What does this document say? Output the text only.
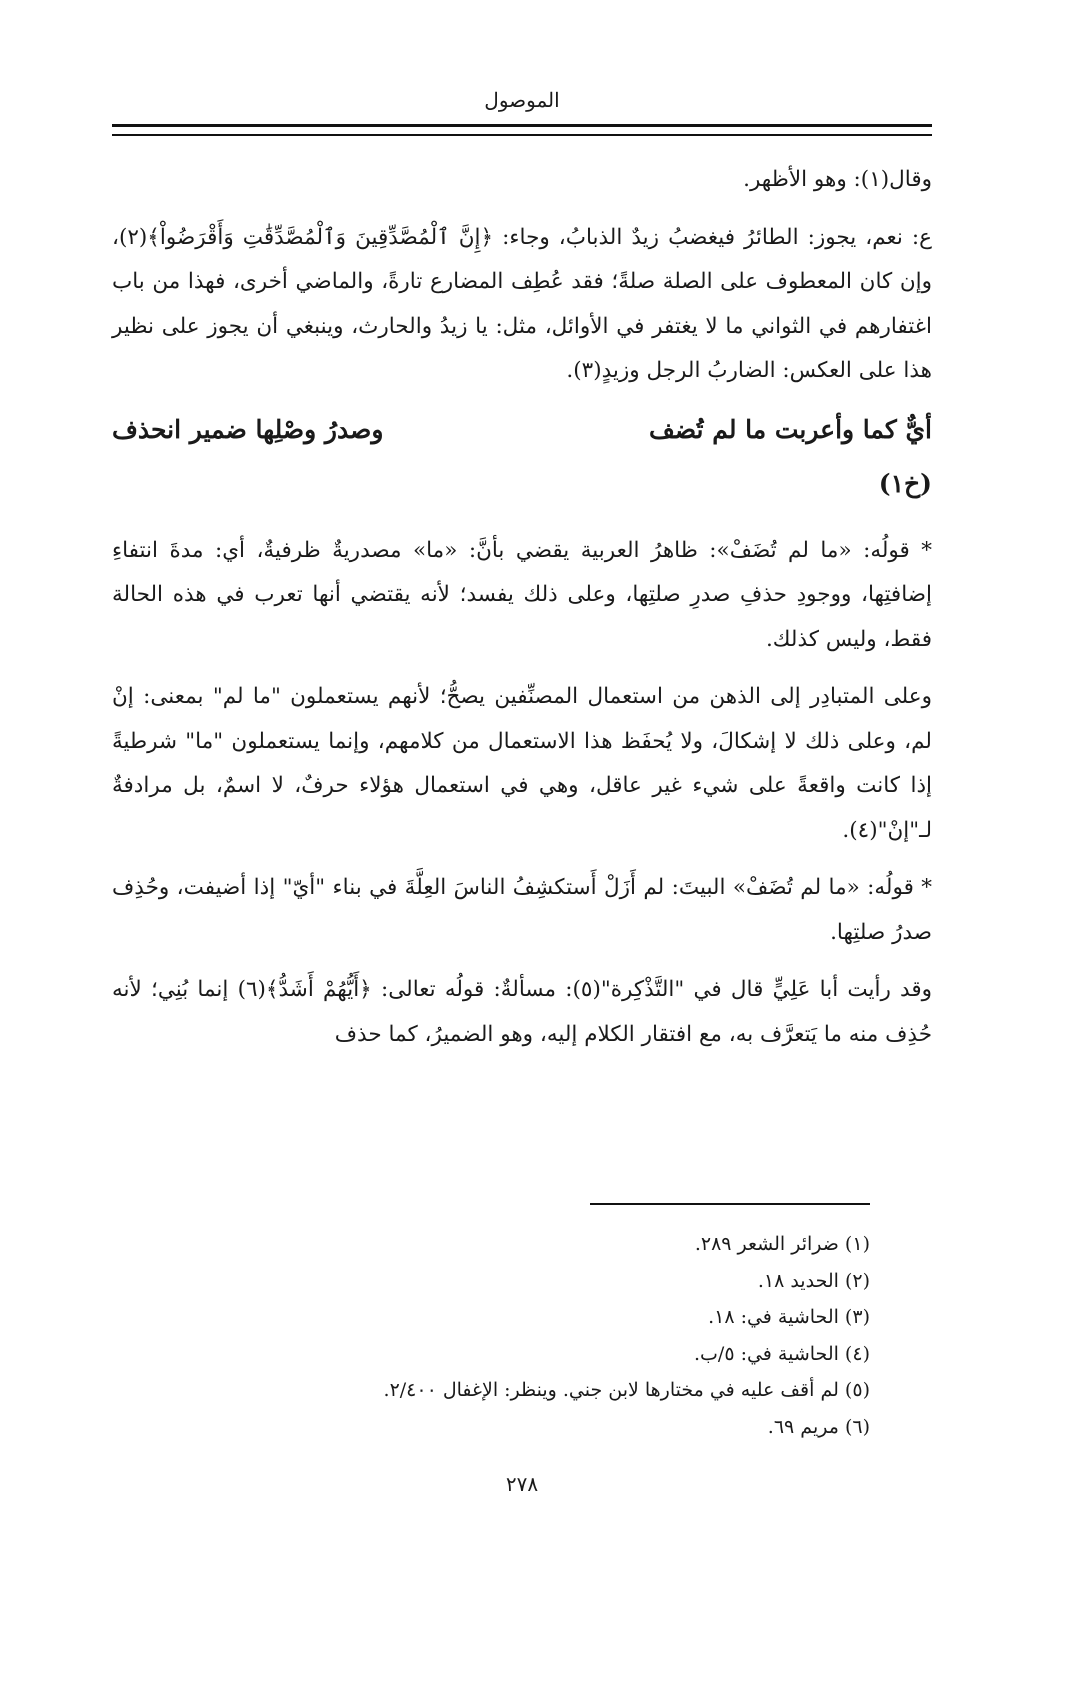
الموصول

وقال(١): وهو الأظهر.

ع: نعم، يجوز: الطائرُ فيغضبُ زيدٌ الذبابُ، وجاء: ﴿إِنَّ ٱلْمُصَّدِّقِينَ وَٱلْمُصَّدِّقَٰتِ وَأَقْرَضُواْ﴾(٢)، وإن كان المعطوف على الصلة صلةً؛ فقد عُطِف المضارع تارةً، والماضي أخرى، فهذا من باب اغتفارهم في الثواني ما لا يغتفر في الأوائل، مثل: يا زيدُ والحارث، وينبغي أن يجوز على نظير هذا على العكس: الضاربُ الرجل وزيدٍ(٣).

أيٌّ كما وأعربت ما لم تُضف
وصدرُ وصْلِها ضمير انحذف
(خ١)

* قولُه: «ما لم تُضَفْ»: ظاهرُ العربية يقضي بأنَّ: «ما» مصدريةٌ ظرفيةٌ، أي: مدةَ انتفاءِ إضافتِها، ووجودِ حذفِ صدرِ صلتِها، وعلى ذلك يفسد؛ لأنه يقتضي أنها تعرب في هذه الحالة فقط، وليس كذلك.

وعلى المتبادِر إلى الذهن من استعمال المصنِّفين يصحُّ؛ لأنهم يستعملون "ما لم" بمعنى: إنْ لم، وعلى ذلك لا إشكالَ، ولا يُحفَظ هذا الاستعمال من كلامهم، وإنما يستعملون "ما" شرطيةً إذا كانت واقعةً على شيء غير عاقل، وهي في استعمال هؤلاء حرفٌ، لا اسمٌ، بل مرادفةٌ لـ"إنْ"(٤).

* قولُه: «ما لم تُضَفْ» البيتَ: لم أَزَلْ أَستكشِفُ الناسَ العِلَّةَ في بناء "أيّ" إذا أضيفت، وحُذِف صدرُ صلتِها.

وقد رأيت أبا عَلِيٍّ قال في "التَّذْكِرة"(٥): مسألةٌ: قولُه تعالى: ﴿أَيُّهُمْ أَشَدُّ﴾(٦) إنما بُنِي؛ لأنه حُذِف منه ما يَتعرَّف به، مع افتقار الكلام إليه، وهو الضميرُ، كما حذف

(١) ضرائر الشعر ٢٨٩.
(٢) الحديد ١٨.
(٣) الحاشية في: ١٨.
(٤) الحاشية في: ٥/ب.
(٥) لم أقف عليه في مختارها لابن جني. وينظر: الإغفال ٢/٤٠٠.
(٦) مريم ٦٩.
٢٧٨
